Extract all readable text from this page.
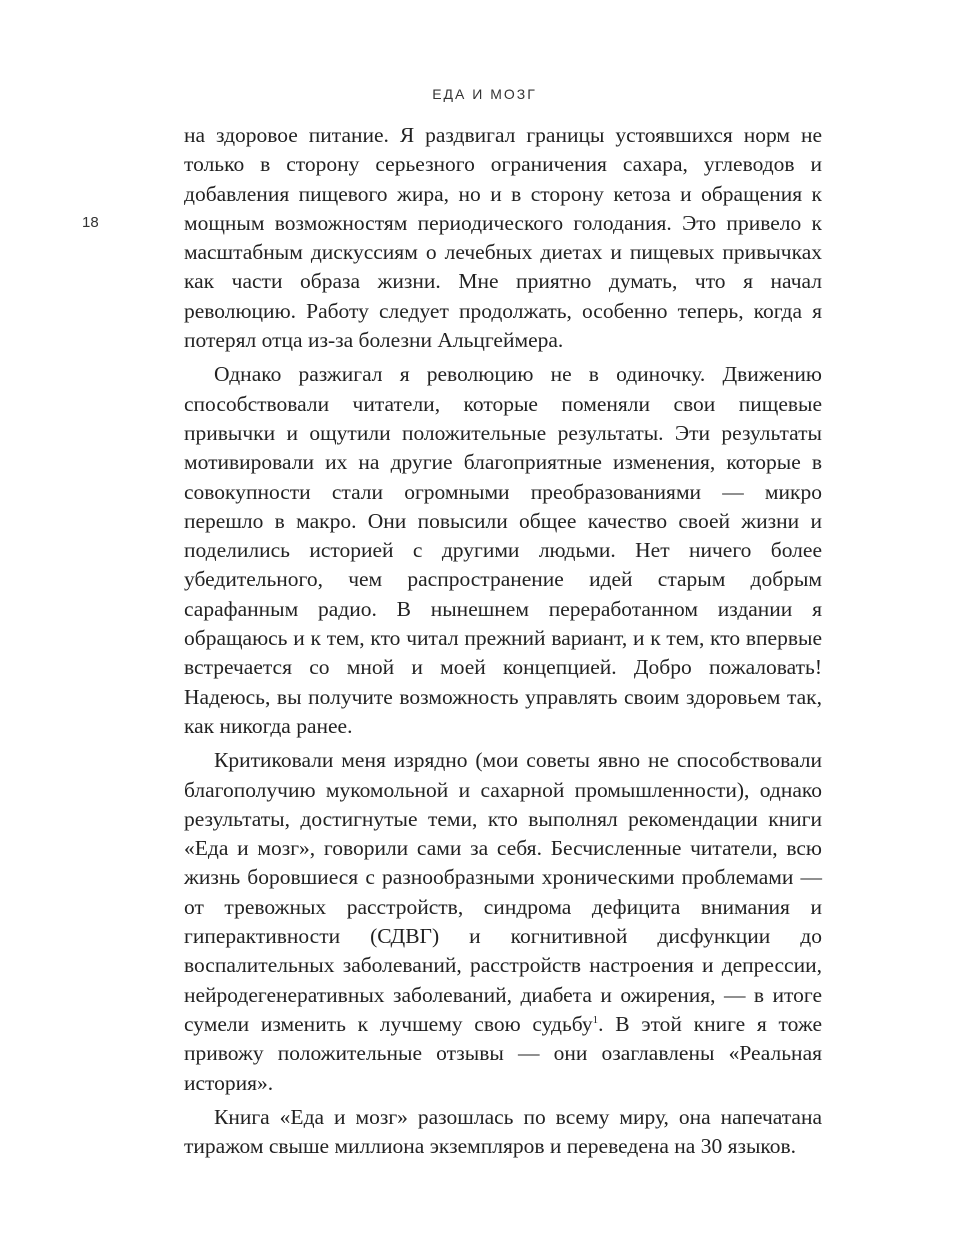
ЕДА И МОЗГ
18

на здоровое питание. Я раздвигал границы устоявшихся норм не только в сторону серьезного ограничения сахара, углеводов и добавления пищевого жира, но и в сторону кетоза и обращения к мощным возможностям периодического голодания. Это привело к масштабным дискуссиям о лечебных диетах и пищевых привычках как части образа жизни. Мне приятно думать, что я начал революцию. Работу следует продолжать, особенно теперь, когда я потерял отца из-за болезни Альцгеймера.

Однако разжигал я революцию не в одиночку. Движению способствовали читатели, которые поменяли свои пищевые привычки и ощутили положительные результаты. Эти результаты мотивировали их на другие благоприятные изменения, которые в совокупности стали огромными преобразованиями — микро перешло в макро. Они повысили общее качество своей жизни и поделились историей с другими людьми. Нет ничего более убедительного, чем распространение идей старым добрым сарафанным радио. В нынешнем переработанном издании я обращаюсь и к тем, кто читал прежний вариант, и к тем, кто впервые встречается со мной и моей концепцией. Добро пожаловать! Надеюсь, вы получите возможность управлять своим здоровьем так, как никогда ранее.

Критиковали меня изрядно (мои советы явно не способствовали благополучию мукомольной и сахарной промышленности), однако результаты, достигнутые теми, кто выполнял рекомендации книги «Еда и мозг», говорили сами за себя. Бесчисленные читатели, всю жизнь боровшиеся с разнообразными хроническими проблемами — от тревожных расстройств, синдрома дефицита внимания и гиперактивности (СДВГ) и когнитивной дисфункции до воспалительных заболеваний, расстройств настроения и депрессии, нейродегенеративных заболеваний, диабета и ожирения, — в итоге сумели изменить к лучшему свою судьбу$^1$. В этой книге я тоже привожу положительные отзывы — они озаглавлены «Реальная история».

Книга «Еда и мозг» разошлась по всему миру, она напечатана тиражом свыше миллиона экземпляров и переведена на 30 языков.
